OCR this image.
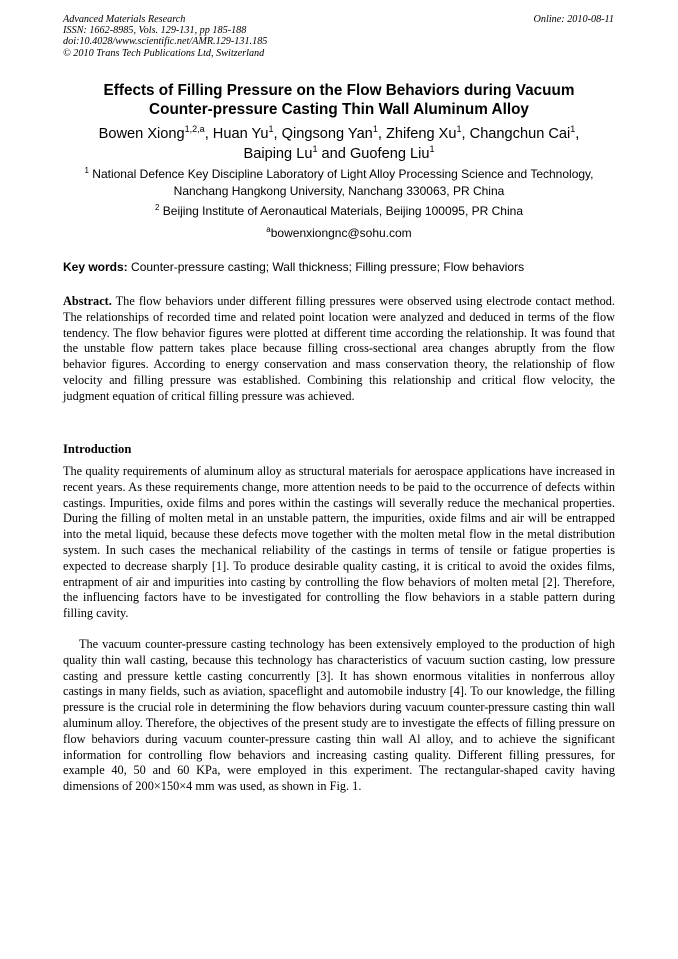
Advanced Materials Research
ISSN: 1662-8985, Vols. 129-131, pp 185-188
doi:10.4028/www.scientific.net/AMR.129-131.185
© 2010 Trans Tech Publications Ltd, Switzerland
Online: 2010-08-11
Effects of Filling Pressure on the Flow Behaviors during Vacuum
Counter-pressure Casting Thin Wall Aluminum Alloy
Bowen Xiong$^{1,2,a}$, Huan Yu$^1$, Qingsong Yan$^1$, Zhifeng Xu$^1$, Changchun Cai$^1$,
Baiping Lu$^1$ and Guofeng Liu$^1$
$^1$ National Defence Key Discipline Laboratory of Light Alloy Processing Science and Technology,
Nanchang Hangkong University, Nanchang 330063, PR China
$^2$ Beijing Institute of Aeronautical Materials, Beijing 100095, PR China
$^a$bowenxiongnc@sohu.com
Key words: Counter-pressure casting; Wall thickness; Filling pressure; Flow behaviors
Abstract. The flow behaviors under different filling pressures were observed using electrode contact method. The relationships of recorded time and related point location were analyzed and deduced in terms of the flow tendency. The flow behavior figures were plotted at different time according the relationship. It was found that the unstable flow pattern takes place because filling cross-sectional area changes abruptly from the flow behavior figures. According to energy conservation and mass conservation theory, the relationship of flow velocity and filling pressure was established. Combining this relationship and critical flow velocity, the judgment equation of critical filling pressure was achieved.
Introduction
The quality requirements of aluminum alloy as structural materials for aerospace applications have increased in recent years. As these requirements change, more attention needs to be paid to the occurrence of defects within castings. Impurities, oxide films and pores within the castings will severally reduce the mechanical properties. During the filling of molten metal in an unstable pattern, the impurities, oxide films and air will be entrapped into the metal liquid, because these defects move together with the molten metal flow in the metal distribution system. In such cases the mechanical reliability of the castings in terms of tensile or fatigue properties is expected to decrease sharply [1]. To produce desirable quality casting, it is critical to avoid the oxides films, entrapment of air and impurities into casting by controlling the flow behaviors of molten metal [2]. Therefore, the influencing factors have to be investigated for controlling the flow behaviors in a stable pattern during filling cavity.
The vacuum counter-pressure casting technology has been extensively employed to the production of high quality thin wall casting, because this technology has characteristics of vacuum suction casting, low pressure casting and pressure kettle casting concurrently [3]. It has shown enormous vitalities in nonferrous alloy castings in many fields, such as aviation, spaceflight and automobile industry [4]. To our knowledge, the filling pressure is the crucial role in determining the flow behaviors during vacuum counter-pressure casting thin wall aluminum alloy. Therefore, the objectives of the present study are to investigate the effects of filling pressure on flow behaviors during vacuum counter-pressure casting thin wall Al alloy, and to achieve the significant information for controlling flow behaviors and increasing casting quality. Different filling pressures, for example 40, 50 and 60 KPa, were employed in this experiment. The rectangular-shaped cavity having dimensions of 200×150×4 mm was used, as shown in Fig. 1.
